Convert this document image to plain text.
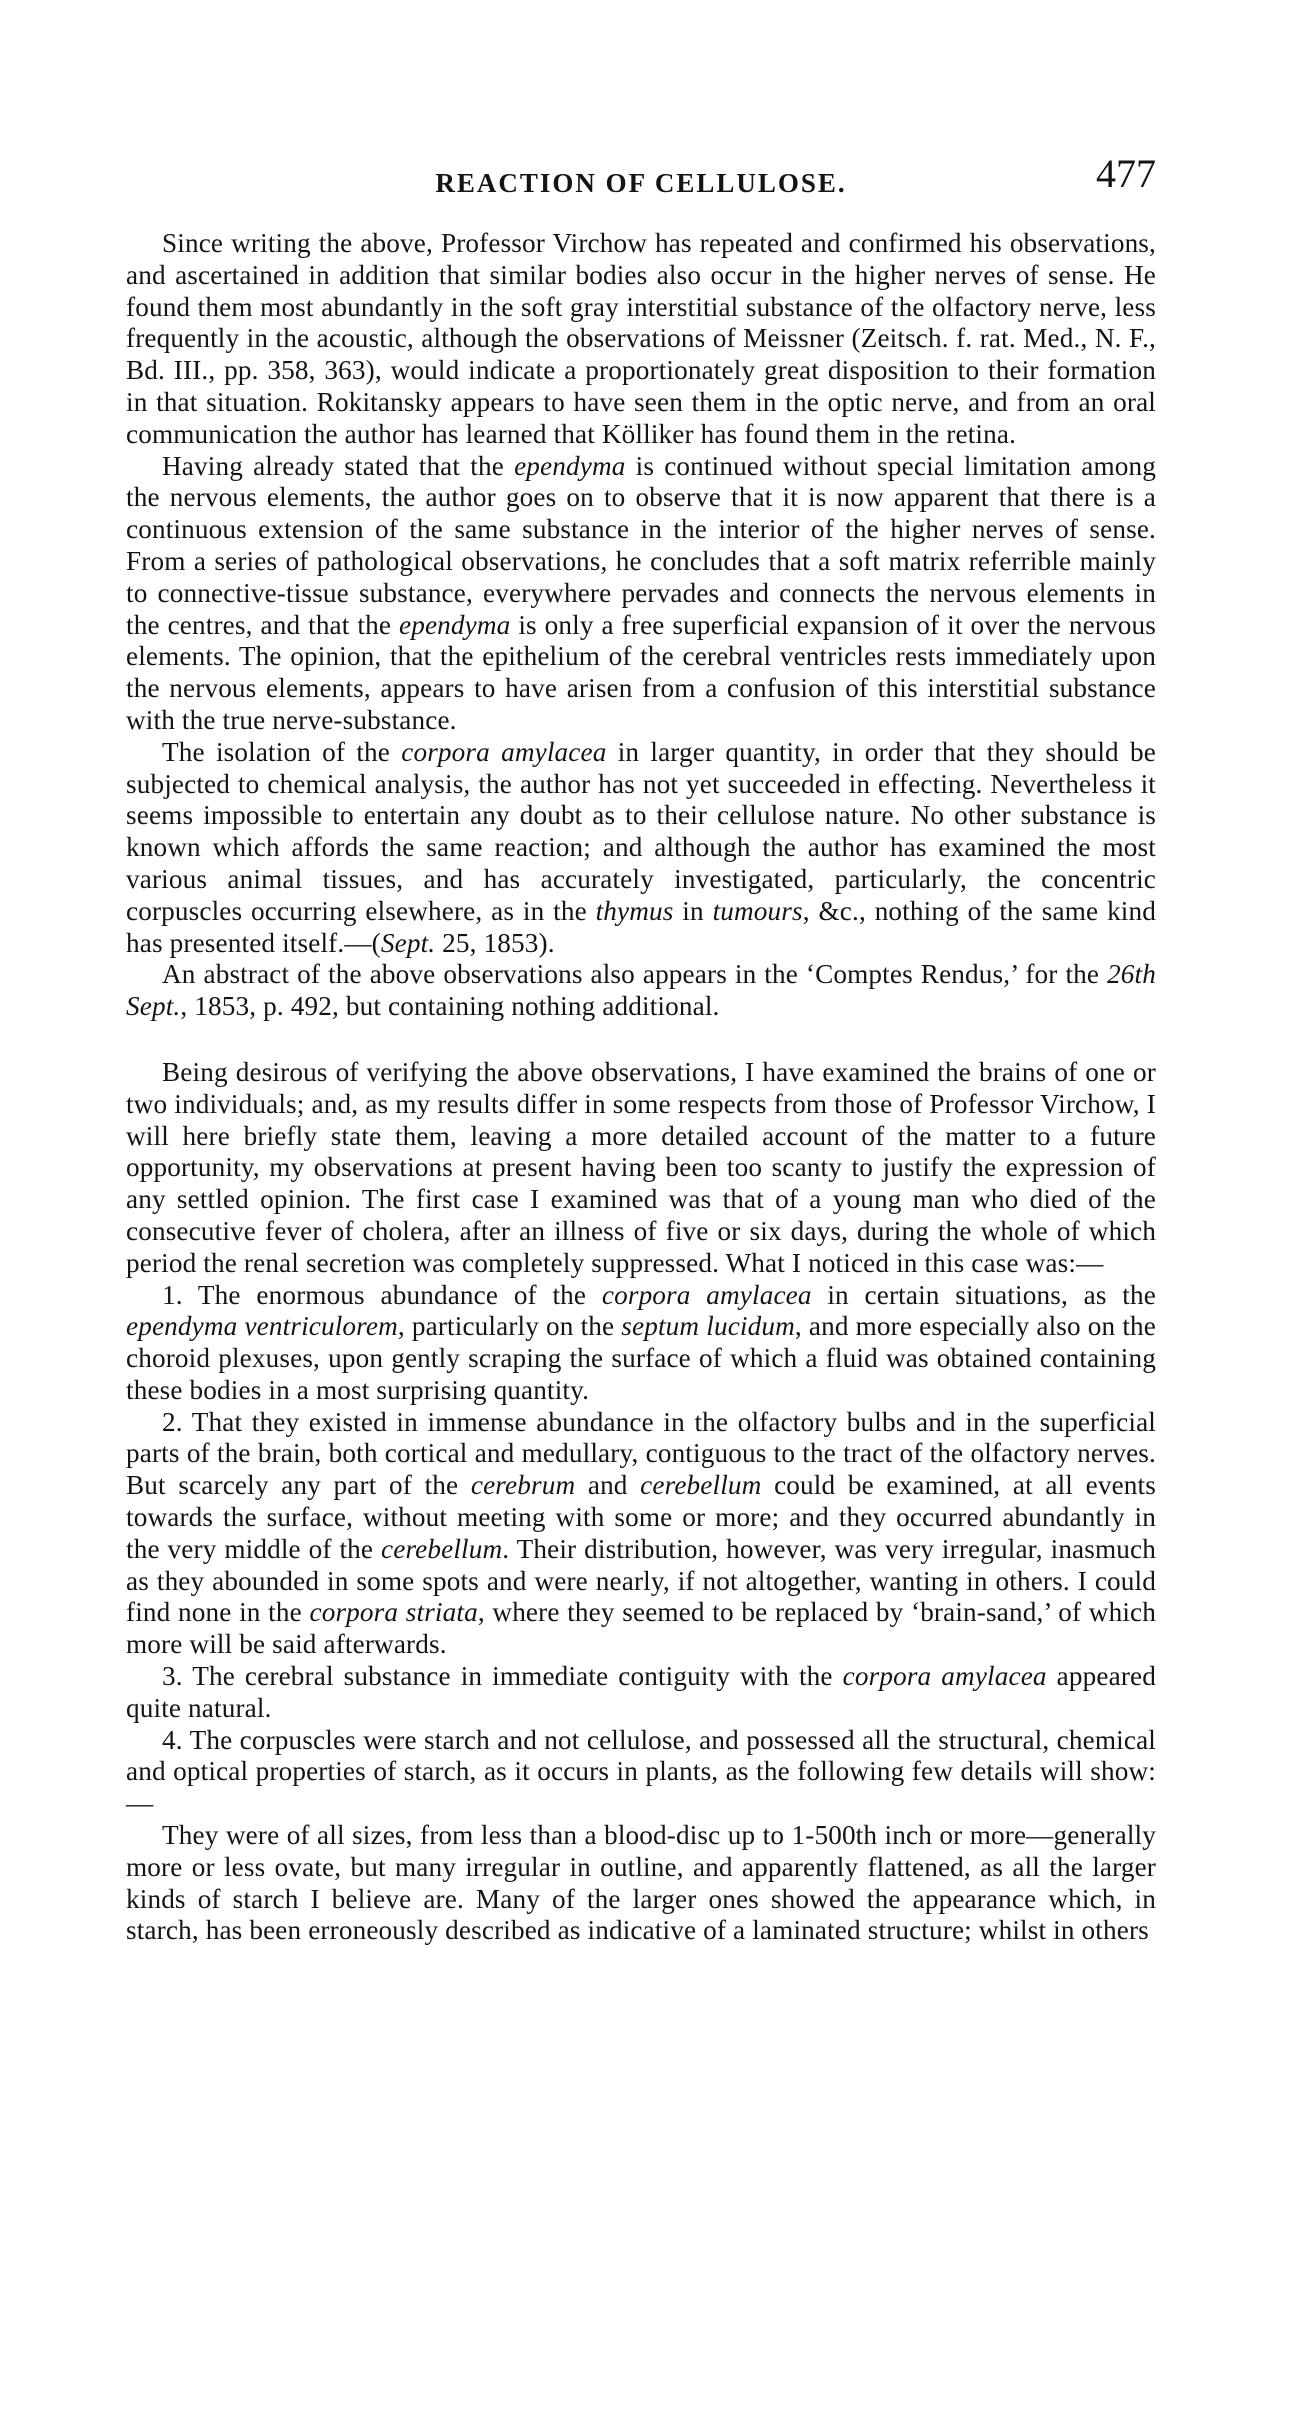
REACTION OF CELLULOSE.	477

Since writing the above, Professor Virchow has repeated and confirmed his observations, and ascertained in addition that similar bodies also occur in the higher nerves of sense. He found them most abundantly in the soft gray interstitial substance of the olfactory nerve, less frequently in the acoustic, although the observations of Meissner (Zeitsch. f. rat. Med., N. F., Bd. III., pp. 358, 363), would indicate a proportionately great disposition to their formation in that situation. Rokitansky appears to have seen them in the optic nerve, and from an oral communication the author has learned that Kölliker has found them in the retina.

Having already stated that the ependyma is continued without special limitation among the nervous elements, the author goes on to observe that it is now apparent that there is a continuous extension of the same substance in the interior of the higher nerves of sense. From a series of pathological observations, he concludes that a soft matrix referrible mainly to connective-tissue substance, everywhere pervades and connects the nervous elements in the centres, and that the ependyma is only a free superficial expansion of it over the nervous elements. The opinion, that the epithelium of the cerebral ventricles rests immediately upon the nervous elements, appears to have arisen from a confusion of this interstitial substance with the true nerve-substance.

The isolation of the corpora amylacea in larger quantity, in order that they should be subjected to chemical analysis, the author has not yet succeeded in effecting. Nevertheless it seems impossible to entertain any doubt as to their cellulose nature. No other substance is known which affords the same reaction; and although the author has examined the most various animal tissues, and has accurately investigated, particularly, the concentric corpuscles occurring elsewhere, as in the thymus in tumours, &c., nothing of the same kind has presented itself.—(Sept. 25, 1853).

An abstract of the above observations also appears in the ‘Comptes Rendus,’ for the 26th Sept., 1853, p. 492, but containing nothing additional.

Being desirous of verifying the above observations, I have examined the brains of one or two individuals; and, as my results differ in some respects from those of Professor Virchow, I will here briefly state them, leaving a more detailed account of the matter to a future opportunity, my observations at present having been too scanty to justify the expression of any settled opinion. The first case I examined was that of a young man who died of the consecutive fever of cholera, after an illness of five or six days, during the whole of which period the renal secretion was completely suppressed. What I noticed in this case was:—

1. The enormous abundance of the corpora amylacea in certain situations, as the ependyma ventriculorem, particularly on the septum lucidum, and more especially also on the choroid plexuses, upon gently scraping the surface of which a fluid was obtained containing these bodies in a most surprising quantity.

2. That they existed in immense abundance in the olfactory bulbs and in the superficial parts of the brain, both cortical and medullary, contiguous to the tract of the olfactory nerves. But scarcely any part of the cerebrum and cerebellum could be examined, at all events towards the surface, without meeting with some or more; and they occurred abundantly in the very middle of the cerebellum. Their distribution, however, was very irregular, inasmuch as they abounded in some spots and were nearly, if not altogether, wanting in others. I could find none in the corpora striata, where they seemed to be replaced by ‘brain-sand,’ of which more will be said afterwards.

3. The cerebral substance in immediate contiguity with the corpora amylacea appeared quite natural.

4. The corpuscles were starch and not cellulose, and possessed all the structural, chemical and optical properties of starch, as it occurs in plants, as the following few details will show:—

They were of all sizes, from less than a blood-disc up to 1-500th inch or more—generally more or less ovate, but many irregular in outline, and apparently flattened, as all the larger kinds of starch I believe are. Many of the larger ones showed the appearance which, in starch, has been erroneously described as indicative of a laminated structure; whilst in others
